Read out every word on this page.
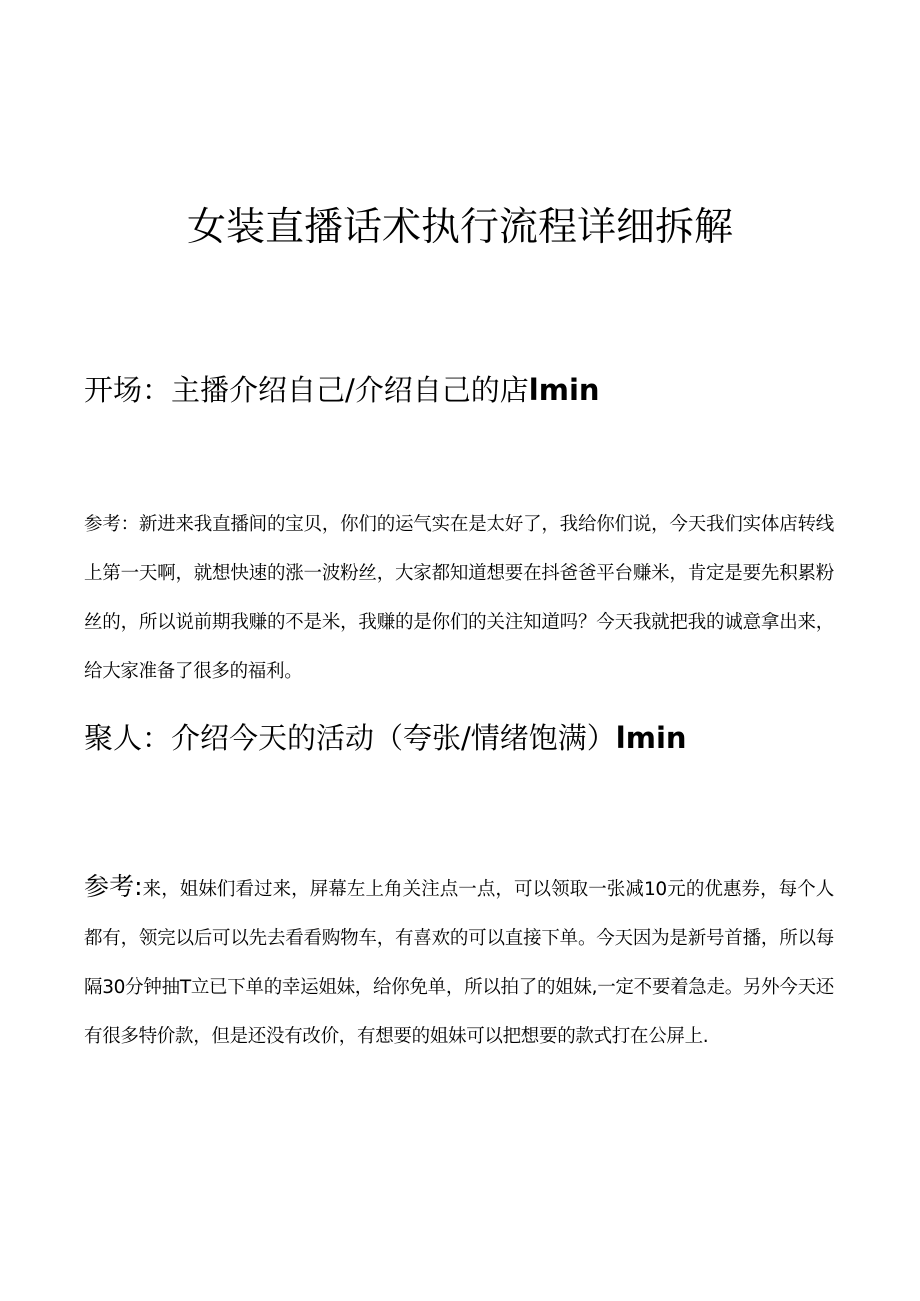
女装直播话术执行流程详细拆解
开场：主播介绍自己/介绍自己的店lmin

参考：新进来我直播间的宝贝，你们的运气实在是太好了，我给你们说，今天我们实体店转线上第一天啊，就想快速的涨一波粉丝，大家都知道想要在抖爸爸平台赚米，肯定是要先积累粉丝的，所以说前期我赚的不是米，我赚的是你们的关注知道吗？今天我就把我的诚意拿出来，给大家准备了很多的福利。

聚人：介绍今天的活动（夸张/情绪饱满）lmin

参考:来，姐妹们看过来，屏幕左上角关注点一点，可以领取一张减10元的优惠券，每个人都有，领完以后可以先去看看购物车，有喜欢的可以直接下单。今天因为是新号首播，所以每隔30分钟抽T立已下单的幸运姐妹，给你免单，所以拍了的姐妹,一定不要着急走。另外今天还有很多特价款，但是还没有改价，有想要的姐妹可以把想要的款式打在公屏上.
